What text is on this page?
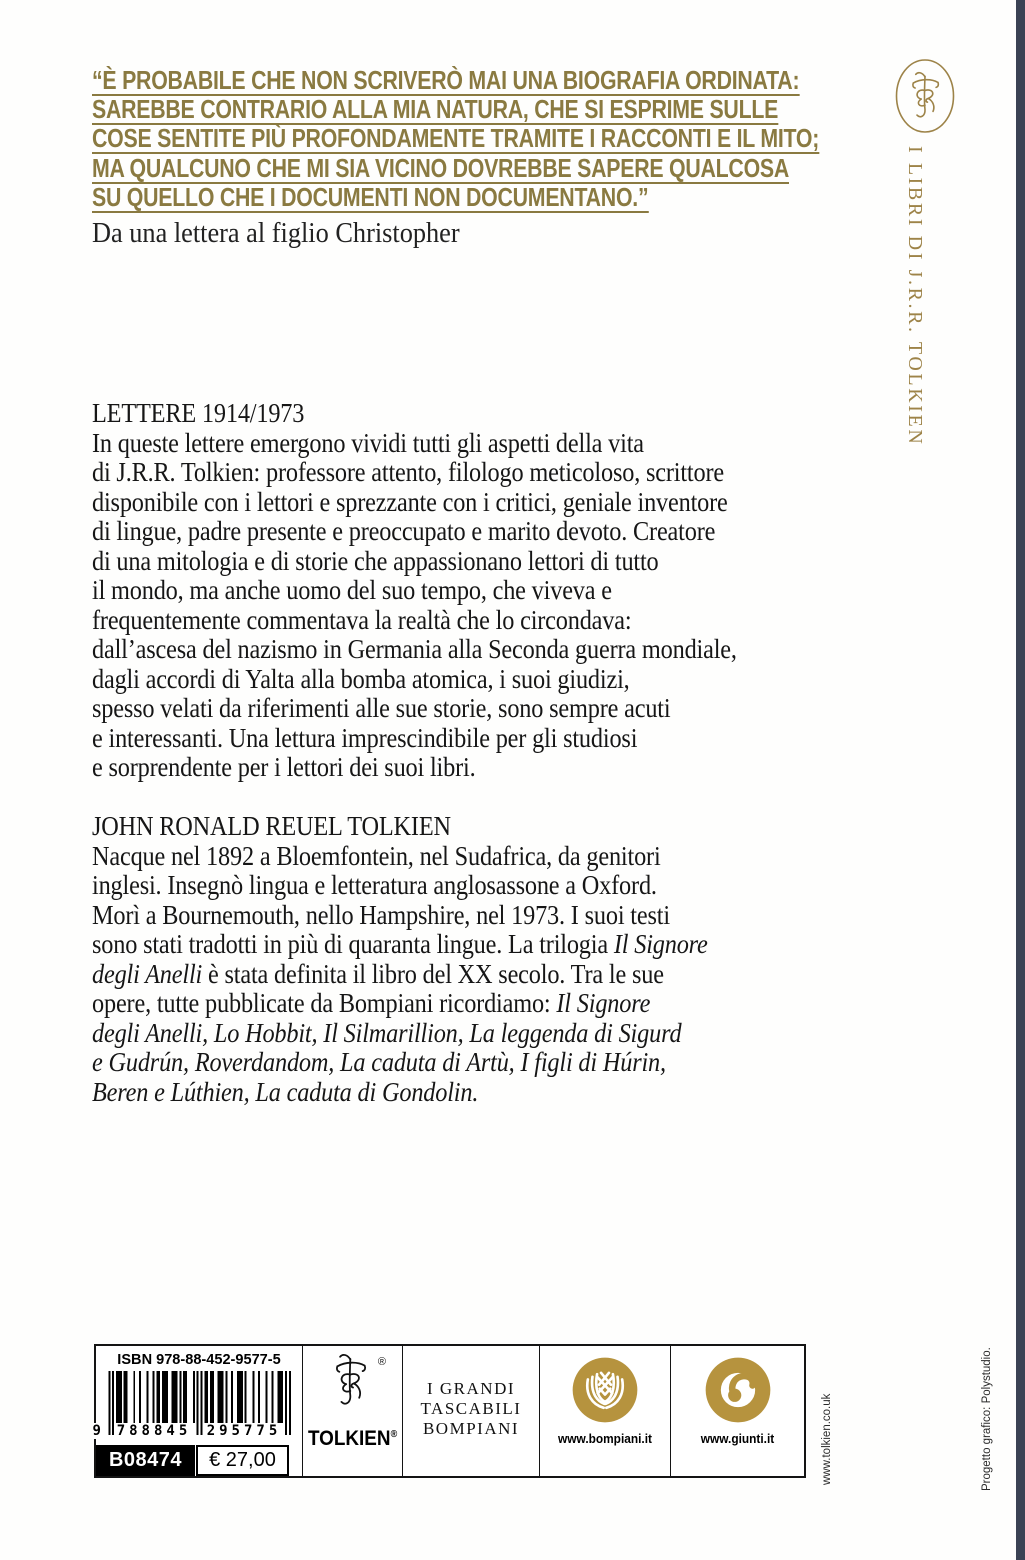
“È PROBABILE CHE NON SCRIVERÒ MAI UNA BIOGRAFIA ORDINATA:
SAREBBE CONTRARIO ALLA MIA NATURA, CHE SI ESPRIME SULLE
COSE SENTITE PIÙ PROFONDAMENTE TRAMITE I RACCONTI E IL MITO;
MA QUALCUNO CHE MI SIA VICINO DOVREBBE SAPERE QUALCOSA
SU QUELLO CHE I DOCUMENTI NON DOCUMENTANO.”
Da una lettera al figlio Christopher
LETTERE 1914/1973
In queste lettere emergono vividi tutti gli aspetti della vita
di J.R.R. Tolkien: professore attento, filologo meticoloso, scrittore
disponibile con i lettori e sprezzante con i critici, geniale inventore
di lingue, padre presente e preoccupato e marito devoto. Creatore
di una mitologia e di storie che appassionano lettori di tutto
il mondo, ma anche uomo del suo tempo, che viveva e
frequentemente commentava la realtà che lo circondava:
dall’ascesa del nazismo in Germania alla Seconda guerra mondiale,
dagli accordi di Yalta alla bomba atomica, i suoi giudizi,
spesso velati da riferimenti alle sue storie, sono sempre acuti
e interessanti. Una lettura imprescindibile per gli studiosi
e sorprendente per i lettori dei suoi libri.
JOHN RONALD REUEL TOLKIEN
Nacque nel 1892 a Bloemfontein, nel Sudafrica, da genitori
inglesi. Insegnò lingua e letteratura anglosassone a Oxford.
Morì a Bournemouth, nello Hampshire, nel 1973. I suoi testi
sono stati tradotti in più di quaranta lingue. La trilogia Il Signore
degli Anelli è stata definita il libro del XX secolo. Tra le sue
opere, tutte pubblicate da Bompiani ricordiamo: Il Signore
degli Anelli, Lo Hobbit, Il Silmarillion, La leggenda di Sigurd
e Gudrún, Roverdandom, La caduta di Artù, I figli di Húrin,
Beren e Lúthien, La caduta di Gondolin.
I LIBRI DI J.R.R. TOLKIEN
ISBN 978-88-452-9577-5
9 788845 295775
B08474	€ 27,00
®
TOLKIEN®
I GRANDI
TASCABILI
BOMPIANI
www.bompiani.it	www.giunti.it	www.tolkien.co.uk	Progetto grafico: Polystudio.
